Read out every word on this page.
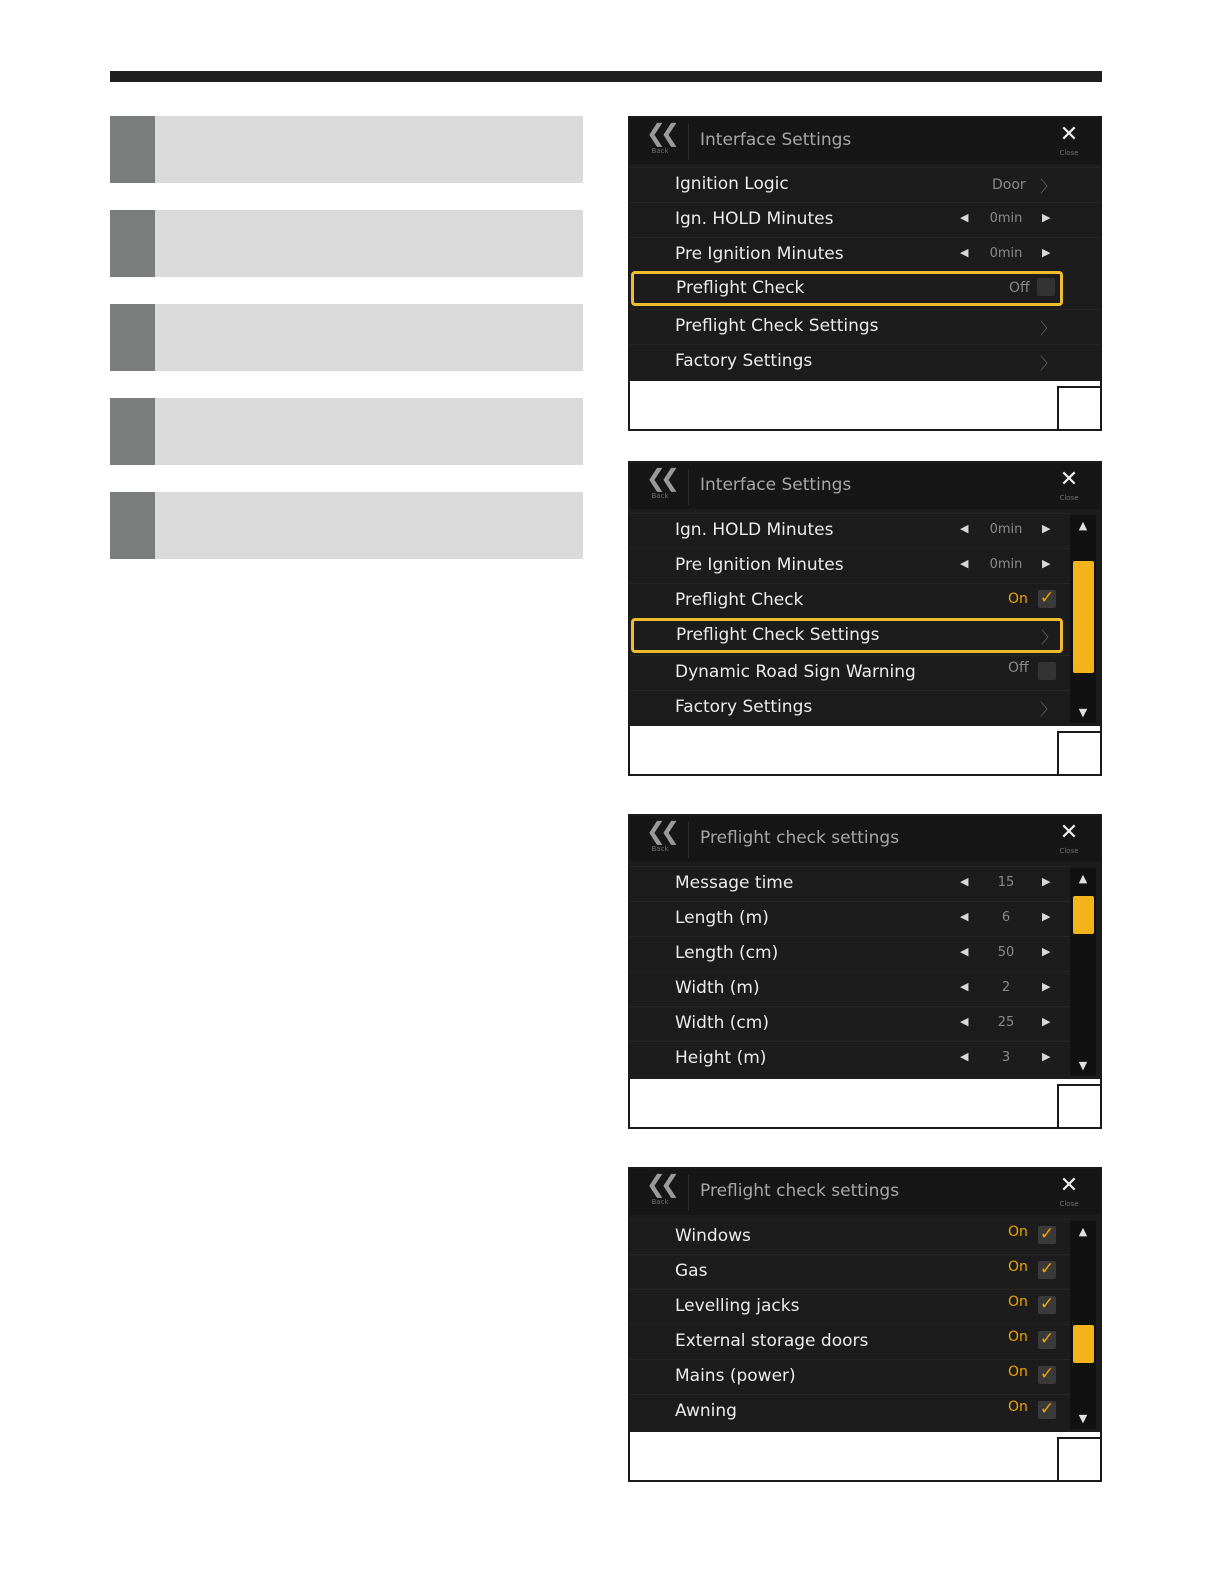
❮❮
Back
Interface Settings	✕
Close
Ignition Logic	Door 〉
Ign. HOLD Minutes	◀	0min	▶
Pre Ignition Minutes	◀	0min	▶
Preflight Check	Off
Preflight Check Settings	〉
Factory Settings	〉
❮❮
Back
Interface Settings	✕
Close
Ign. HOLD Minutes	◀	0min	▶
Pre Ignition Minutes	◀	0min	▶
Preflight Check	On ✓
Preflight Check Settings	〉
Dynamic Road Sign Warning	Off
Factory Settings	〉
▲
▼
❮❮
Back
Preflight check settings	✕
Close
Message time	◀	15	▶
Length (m)	◀	6	▶
Length (cm)	◀	50	▶
Width (m)	◀	2	▶
Width (cm)	◀	25	▶
Height (m)	◀	3	▶
▲
▼
❮❮
Back
Preflight check settings	✕
Close
Windows	On ✓
Gas	On ✓
Levelling jacks	On ✓
External storage doors	On ✓
Mains (power)	On ✓
Awning	On ✓
▲
▼
